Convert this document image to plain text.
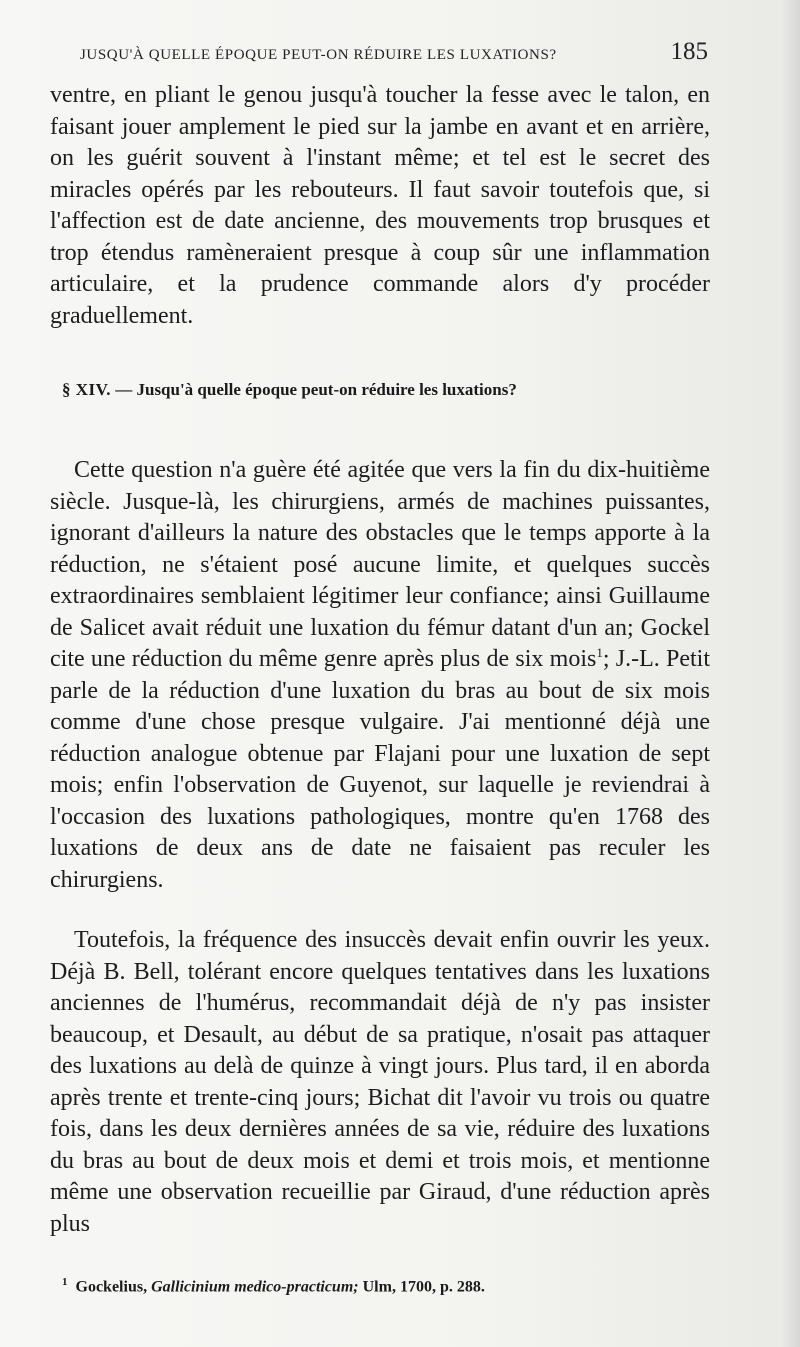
JUSQU'À QUELLE ÉPOQUE PEUT-ON RÉDUIRE LES LUXATIONS?	185

ventre, en pliant le genou jusqu'à toucher la fesse avec le talon, en faisant jouer amplement le pied sur la jambe en avant et en arrière, on les guérit souvent à l'instant même; et tel est le secret des miracles opérés par les rebouteurs. Il faut savoir toutefois que, si l'affection est de date ancienne, des mouvements trop brusques et trop étendus ramèneraient presque à coup sûr une inflammation articulaire, et la prudence commande alors d'y procéder graduellement.

§ XIV. — Jusqu'à quelle époque peut-on réduire les luxations?

Cette question n'a guère été agitée que vers la fin du dix-huitième siècle. Jusque-là, les chirurgiens, armés de machines puissantes, ignorant d'ailleurs la nature des obstacles que le temps apporte à la réduction, ne s'étaient posé aucune limite, et quelques succès extraordinaires semblaient légitimer leur confiance; ainsi Guillaume de Salicet avait réduit une luxation du fémur datant d'un an; Gockel cite une réduction du même genre après plus de six mois$^1$; J.-L. Petit parle de la réduction d'une luxation du bras au bout de six mois comme d'une chose presque vulgaire. J'ai mentionné déjà une réduction analogue obtenue par Flajani pour une luxation de sept mois; enfin l'observation de Guyenot, sur laquelle je reviendrai à l'occasion des luxations pathologiques, montre qu'en 1768 des luxations de deux ans de date ne faisaient pas reculer les chirurgiens.

Toutefois, la fréquence des insuccès devait enfin ouvrir les yeux. Déjà B. Bell, tolérant encore quelques tentatives dans les luxations anciennes de l'humérus, recommandait déjà de n'y pas insister beaucoup, et Desault, au début de sa pratique, n'osait pas attaquer des luxations au delà de quinze à vingt jours. Plus tard, il en aborda après trente et trente-cinq jours; Bichat dit l'avoir vu trois ou quatre fois, dans les deux dernières années de sa vie, réduire des luxations du bras au bout de deux mois et demi et trois mois, et mentionne même une observation recueillie par Giraud, d'une réduction après plus

$^1$ Gockelius, Gallicinium medico-practicum; Ulm, 1700, p. 288.
